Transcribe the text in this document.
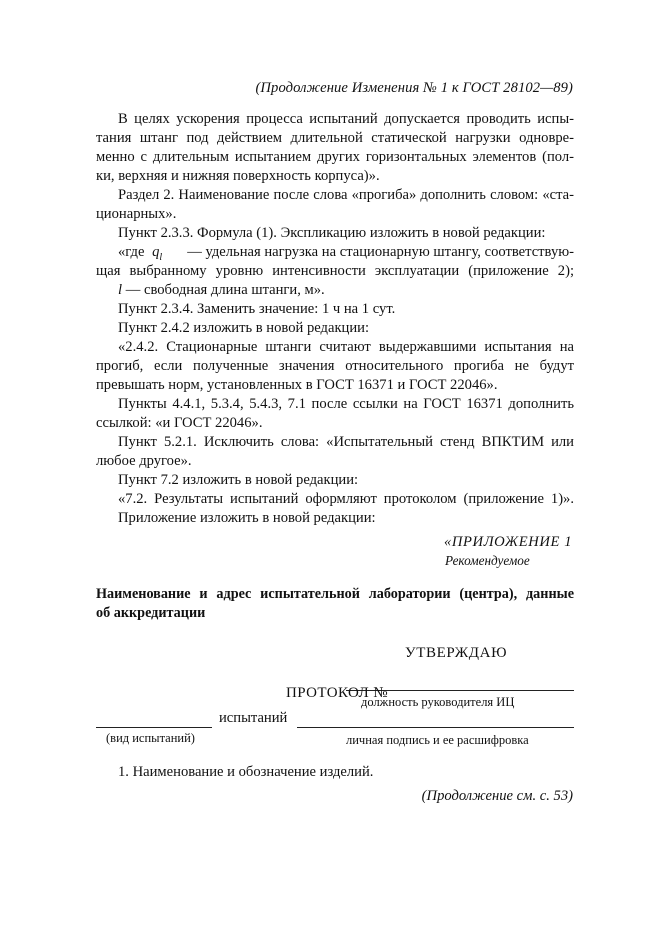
(Продолжение Изменения № 1 к ГОСТ 28102—89)
В целях ускорения процесса испытаний допускается проводить испы-
тания штанг под действием длительной статической нагрузки одновре-
менно с длительным испытанием других горизонтальных элементов (пол-
ки, верхняя и нижняя поверхность корпуса)».
Раздел 2. Наименование после слова «прогиба» дополнить словом: «ста-
ционарных».
Пункт 2.3.3. Формула (1). Экспликацию изложить в новой редакции:
«где $q_l$ — удельная нагрузка на стационарную штангу, соответствую-
щая выбранному уровню интенсивности эксплуатации (приложение 2);
l — свободная длина штанги, м».
Пункт 2.3.4. Заменить значение: 1 ч на 1 сут.
Пункт 2.4.2 изложить в новой редакции:
«2.4.2. Стационарные штанги считают выдержавшими испытания на
прогиб, если полученные значения относительного прогиба не будут
превышать норм, установленных в ГОСТ 16371 и ГОСТ 22046».
Пункты 4.4.1, 5.3.4, 5.4.3, 7.1 после ссылки на ГОСТ 16371 дополнить
ссылкой: «и ГОСТ 22046».
Пункт 5.2.1. Исключить слова: «Испытательный стенд ВПКТИМ или
любое другое».
Пункт 7.2 изложить в новой редакции:
«7.2. Результаты испытаний оформляют протоколом (приложение 1)».
Приложение изложить в новой редакции:
«ПРИЛОЖЕНИЕ 1
Рекомендуемое
Наименование и адрес испытательной лаборатории (центра), данные
об аккредитации
УТВЕРЖДАЮ
должность руководителя ИЦ
личная подпись и ее расшифровка
ПРОТОКОЛ №
испытаний
(вид испытаний)
1. Наименование и обозначение изделий.
(Продолжение см. с. 53)
